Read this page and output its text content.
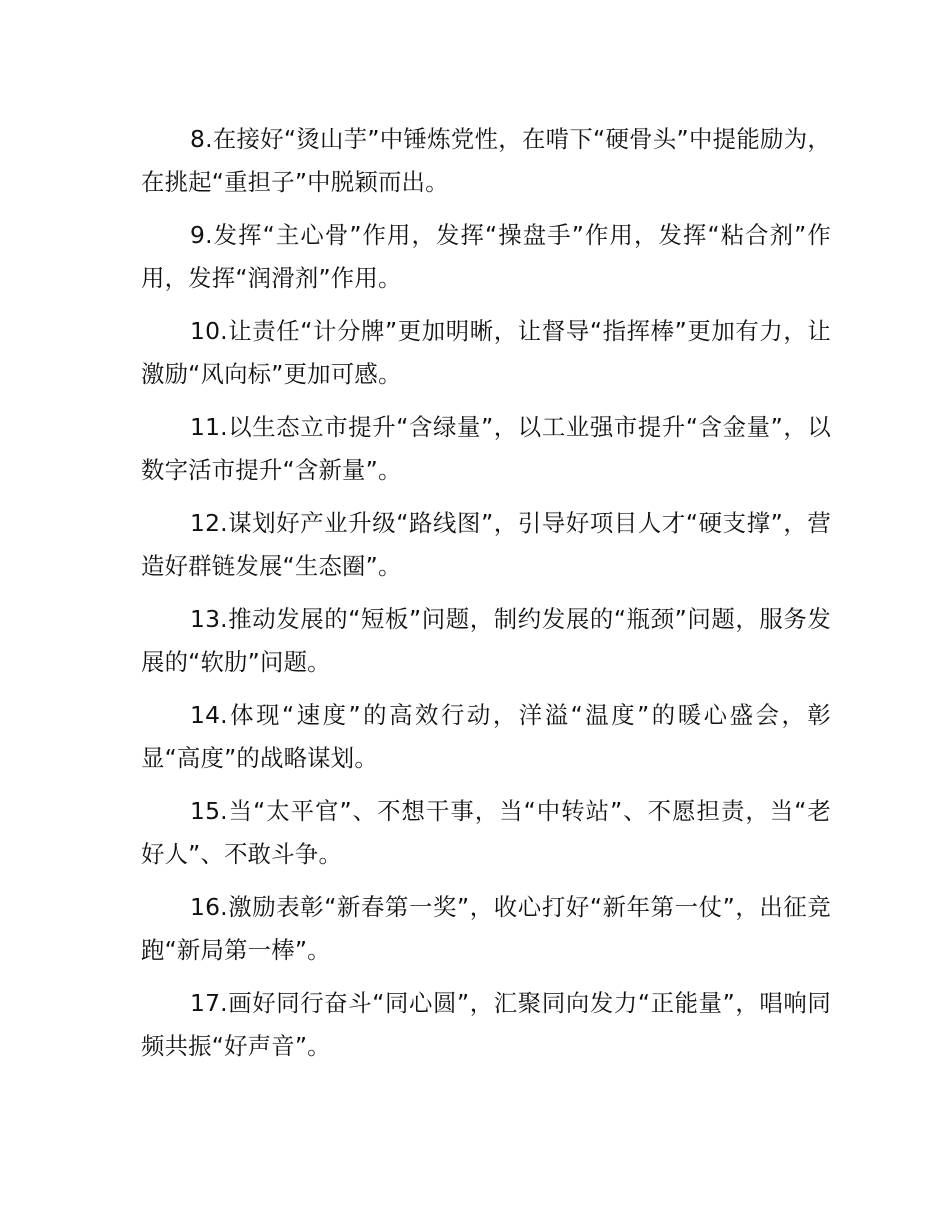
8.在接好“烫山芋”中锤炼党性，在啃下“硬骨头”中提能励为，在挑起“重担子”中脱颖而出。

9.发挥“主心骨”作用，发挥“操盘手”作用，发挥“粘合剂”作用，发挥“润滑剂”作用。

10.让责任“计分牌”更加明晰，让督导“指挥棒”更加有力，让激励“风向标”更加可感。

11.以生态立市提升“含绿量”，以工业强市提升“含金量”，以数字活市提升“含新量”。

12.谋划好产业升级“路线图”，引导好项目人才“硬支撑”，营造好群链发展“生态圈”。

13.推动发展的“短板”问题，制约发展的“瓶颈”问题，服务发展的“软肋”问题。

14.体现“速度”的高效行动，洋溢“温度”的暖心盛会，彰显“高度”的战略谋划。

15.当“太平官”、不想干事，当“中转站”、不愿担责，当“老好人”、不敢斗争。

16.激励表彰“新春第一奖”，收心打好“新年第一仗”，出征竞跑“新局第一棒”。

17.画好同行奋斗“同心圆”，汇聚同向发力“正能量”，唱响同频共振“好声音”。
